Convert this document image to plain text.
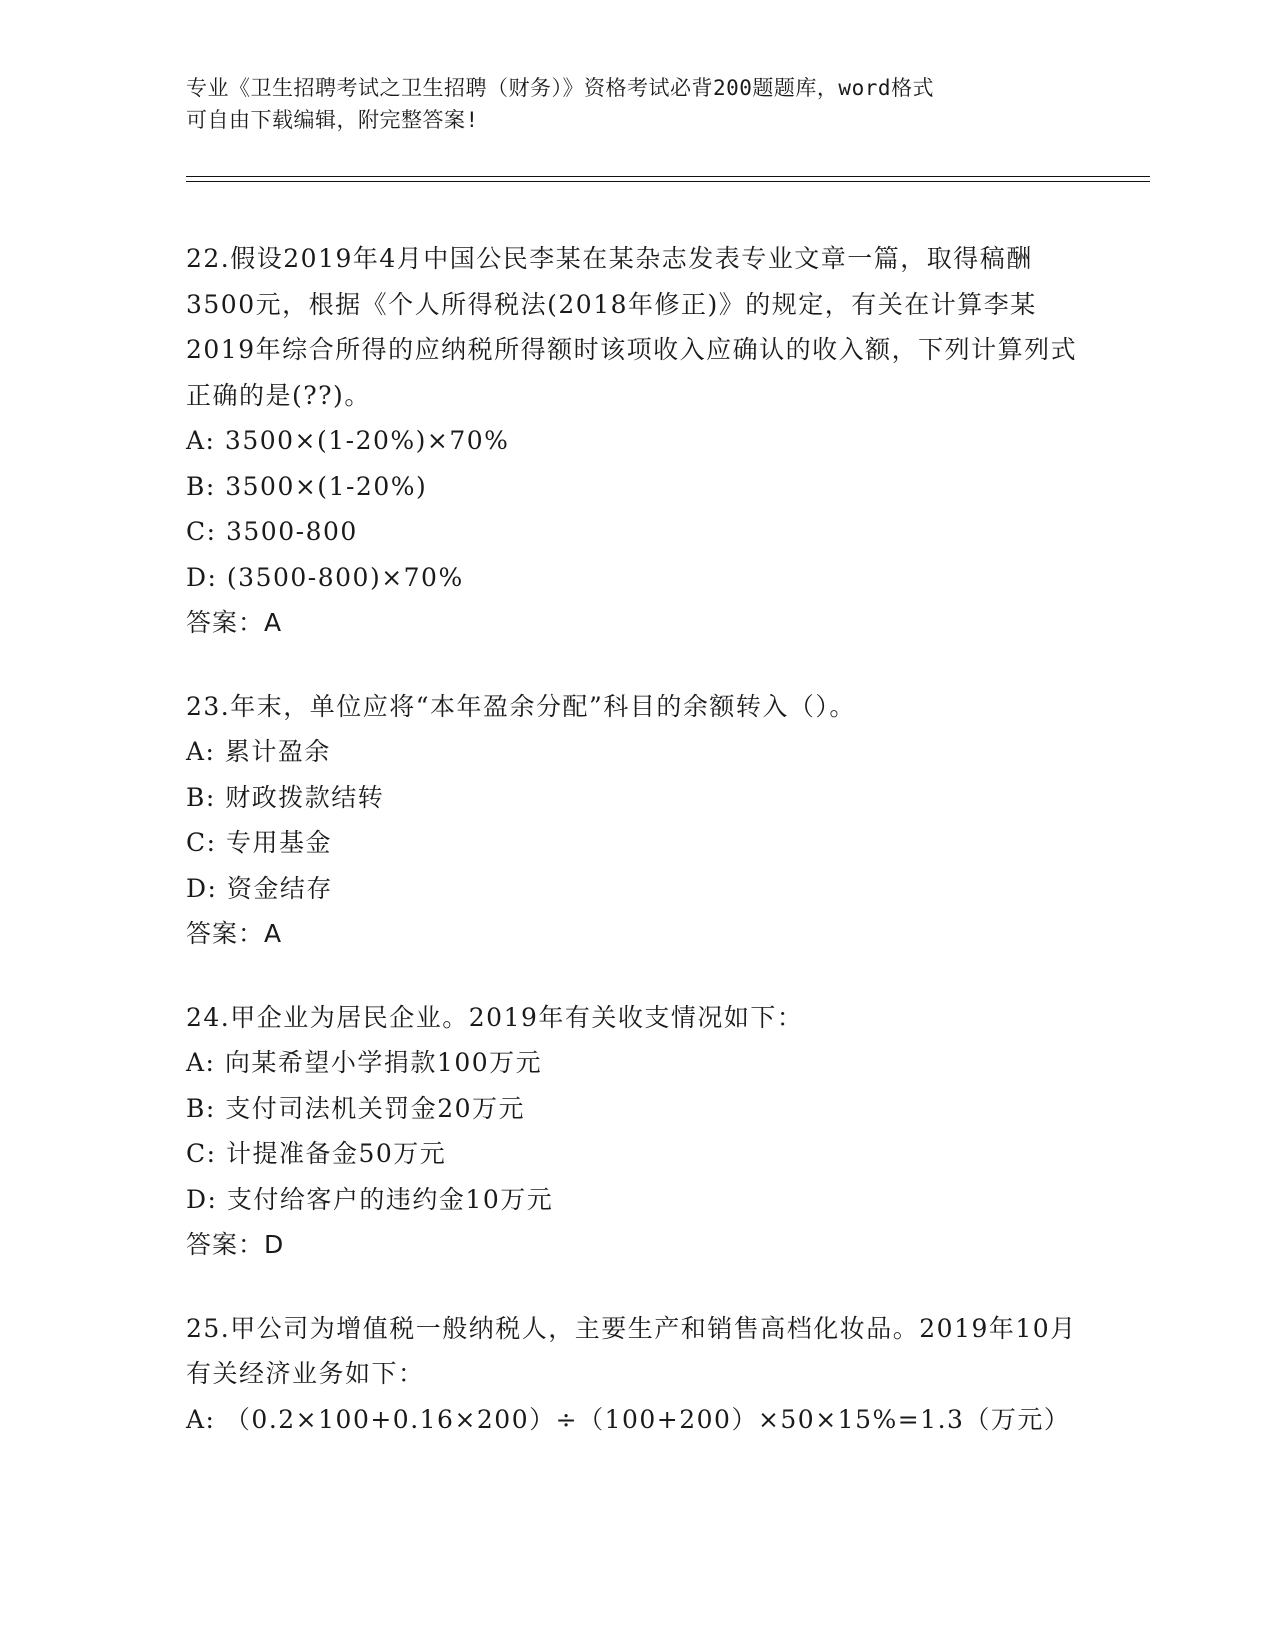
专业《卫生招聘考试之卫生招聘（财务）》资格考试必背200题题库，word格式
可自由下载编辑，附完整答案!
22.假设2019年4月中国公民李某在某杂志发表专业文章一篇，取得稿酬3500元，根据《个人所得税法(2018年修正)》的规定，有关在计算李某2019年综合所得的应纳税所得额时该项收入应确认的收入额，下列计算列式正确的是(??)。
A: 3500×(1-20%)×70%
B: 3500×(1-20%)
C: 3500-800
D: (3500-800)×70%
答案：A
23.年末，单位应将“本年盈余分配”科目的余额转入（）。
A: 累计盈余
B: 财政拨款结转
C: 专用基金
D: 资金结存
答案：A
24.甲企业为居民企业。2019年有关收支情况如下：
A: 向某希望小学捐款100万元
B: 支付司法机关罚金20万元
C: 计提准备金50万元
D: 支付给客户的违约金10万元
答案：D
25.甲公司为增值税一般纳税人，主要生产和销售高档化妆品。2019年10月有关经济业务如下：
A: （0.2×100+0.16×200）÷（100+200）×50×15%=1.3（万元）
